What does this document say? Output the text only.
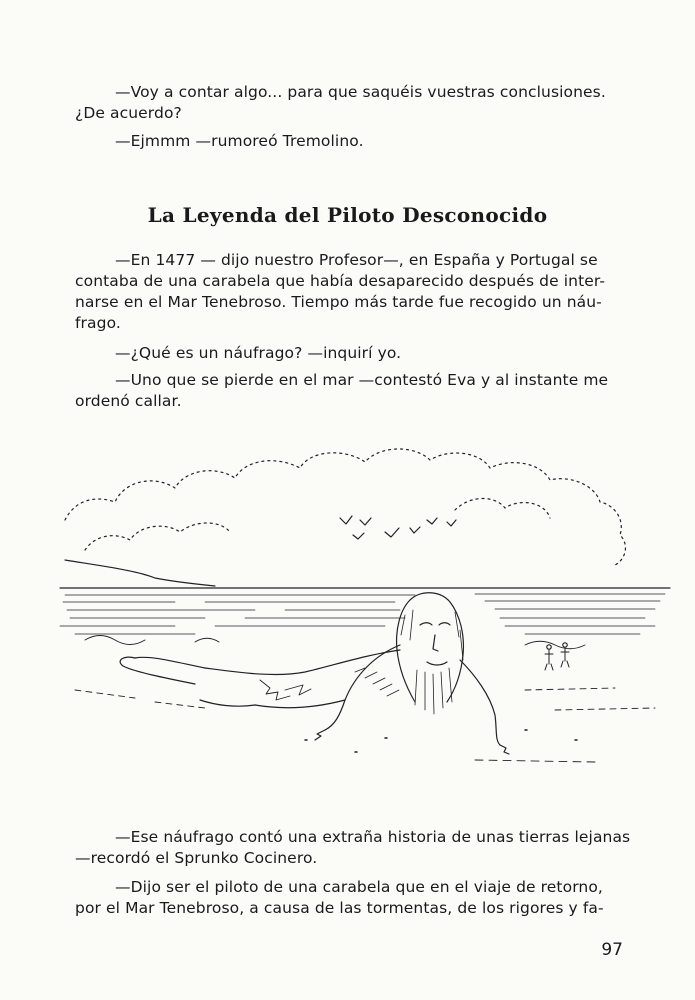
—Voy a contar algo... para que saquéis vuestras conclusiones.
¿De acuerdo?
—Ejmmm —rumoreó Tremolino.
La Leyenda del Piloto Desconocido
—En 1477 — dijo nuestro Profesor—, en España y Portugal se
contaba de una carabela que había desaparecido después de inter-
narse en el Mar Tenebroso. Tiempo más tarde fue recogido un náu-
frago.
—¿Qué es un náufrago? —inquirí yo.
—Uno que se pierde en el mar —contestó Eva y al instante me
ordenó callar.
—Ese náufrago contó una extraña historia de unas tierras lejanas
—recordó el Sprunko Cocinero.
—Dijo ser el piloto de una carabela que en el viaje de retorno,
por el Mar Tenebroso, a causa de las tormentas, de los rigores y fa-
97
